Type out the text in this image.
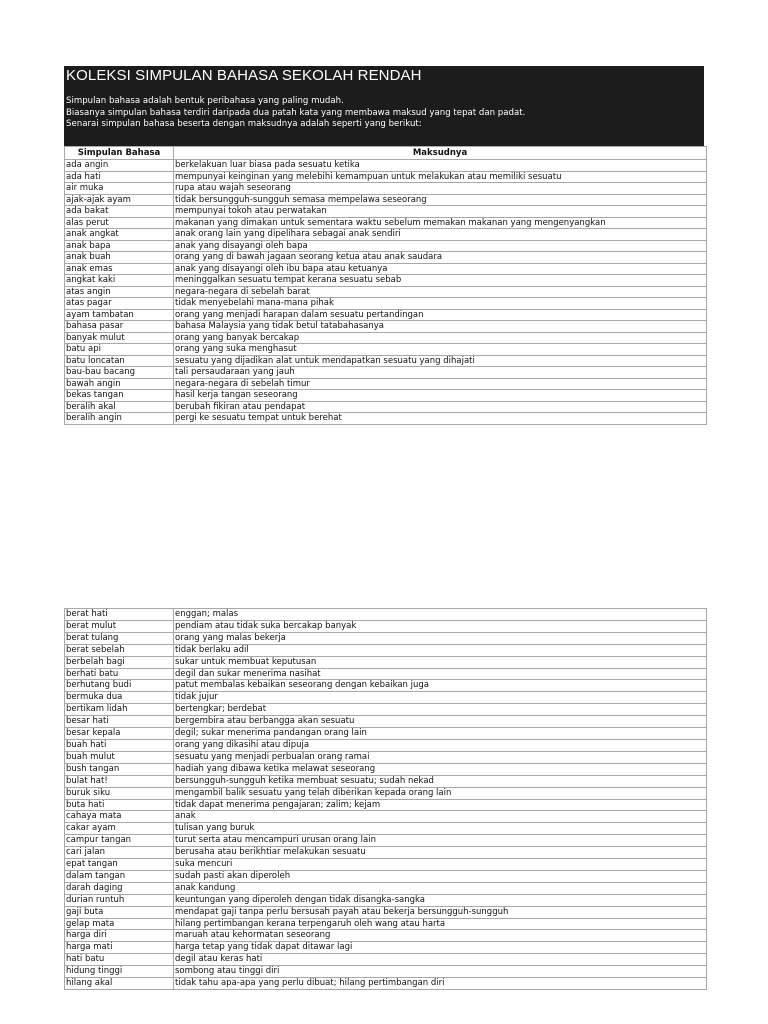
KOLEKSI SIMPULAN BAHASA SEKOLAH RENDAH
Simpulan bahasa adalah bentuk peribahasa yang paling mudah.
Biasanya simpulan bahasa terdiri daripada dua patah kata yang membawa maksud yang tepat dan padat.
Senarai simpulan bahasa beserta dengan maksudnya adalah seperti yang berikut:
Simpulan Bahasa	Maksudnya
ada angin	berkelakuan luar biasa pada sesuatu ketika
ada hati	mempunyai keinginan yang melebihi kemampuan untuk melakukan atau memiliki sesuatu
air muka	rupa atau wajah seseorang
ajak-ajak ayam	tidak bersungguh-sungguh semasa mempelawa seseorang
ada bakat	mempunyai tokoh atau perwatakan
alas perut	makanan yang dimakan untuk sementara waktu sebelum memakan makanan yang mengenyangkan
anak angkat	anak orang lain yang dipelihara sebagai anak sendiri
anak bapa	anak yang disayangi oleh bapa
anak buah	orang yang di bawah jagaan seorang ketua atau anak saudara
anak emas	anak yang disayangi oleh ibu bapa atau ketuanya
angkat kaki	meninggalkan sesuatu tempat kerana sesuatu sebab
atas angin	negara-negara di sebelah barat
atas pagar	tidak menyebelahi mana-mana pihak
ayam tambatan	orang yang menjadi harapan dalam sesuatu pertandingan
bahasa pasar	bahasa Malaysia yang tidak betul tatabahasanya
banyak mulut	orang yang banyak bercakap
batu api	orang yang suka menghasut
batu loncatan	sesuatu yang dijadikan alat untuk mendapatkan sesuatu yang dihajati
bau-bau bacang	tali persaudaraan yang jauh
bawah angin	negara-negara di sebelah timur
bekas tangan	hasil kerja tangan seseorang
beralih akal	berubah fikiran atau pendapat
beralih angin	pergi ke sesuatu tempat untuk berehat
berat hati	enggan; malas
berat mulut	pendiam atau tidak suka bercakap banyak
berat tulang	orang yang malas bekerja
berat sebelah	tidak berlaku adil
berbelah bagi	sukar untuk membuat keputusan
berhati batu	degil dan sukar menerima nasihat
berhutang budi	patut membalas kebaikan seseorang dengan kebaikan juga
bermuka dua	tidak jujur
bertikam lidah	bertengkar; berdebat
besar hati	bergembira atau berbangga akan sesuatu
besar kepala	degil; sukar menerima pandangan orang lain
buah hati	orang yang dikasihi atau dipuja
buah mulut	sesuatu yang menjadi perbualan orang ramai
bush tangan	hadiah yang dibawa ketika melawat seseorang
bulat hat!	bersungguh-sungguh ketika membuat sesuatu; sudah nekad
buruk siku	mengambil balik sesuatu yang telah diberikan kepada orang lain
buta hati	tidak dapat menerima pengajaran; zalim; kejam
cahaya mata	anak
cakar ayam	tulisan yang buruk
campur tangan	turut serta atau mencampuri urusan orang lain
cari jalan	berusaha atau berikhtiar melakukan sesuatu
epat tangan	suka mencuri
dalam tangan	sudah pasti akan diperoleh
darah daging	anak kandung
durian runtuh	keuntungan yang diperoleh dengan tidak disangka-sangka
gaji buta	mendapat gaji tanpa perlu bersusah payah atau bekerja bersungguh-sungguh
gelap mata	hilang pertimbangan kerana terpengaruh oleh wang atau harta
harga diri	maruah atau kehormatan seseorang
harga mati	harga tetap yang tidak dapat ditawar lagi
hati batu	degil atau keras hati
hidung tinggi	sombong atau tinggi diri
hilang akal	tidak tahu apa-apa yang perlu dibuat; hilang pertimbangan diri
